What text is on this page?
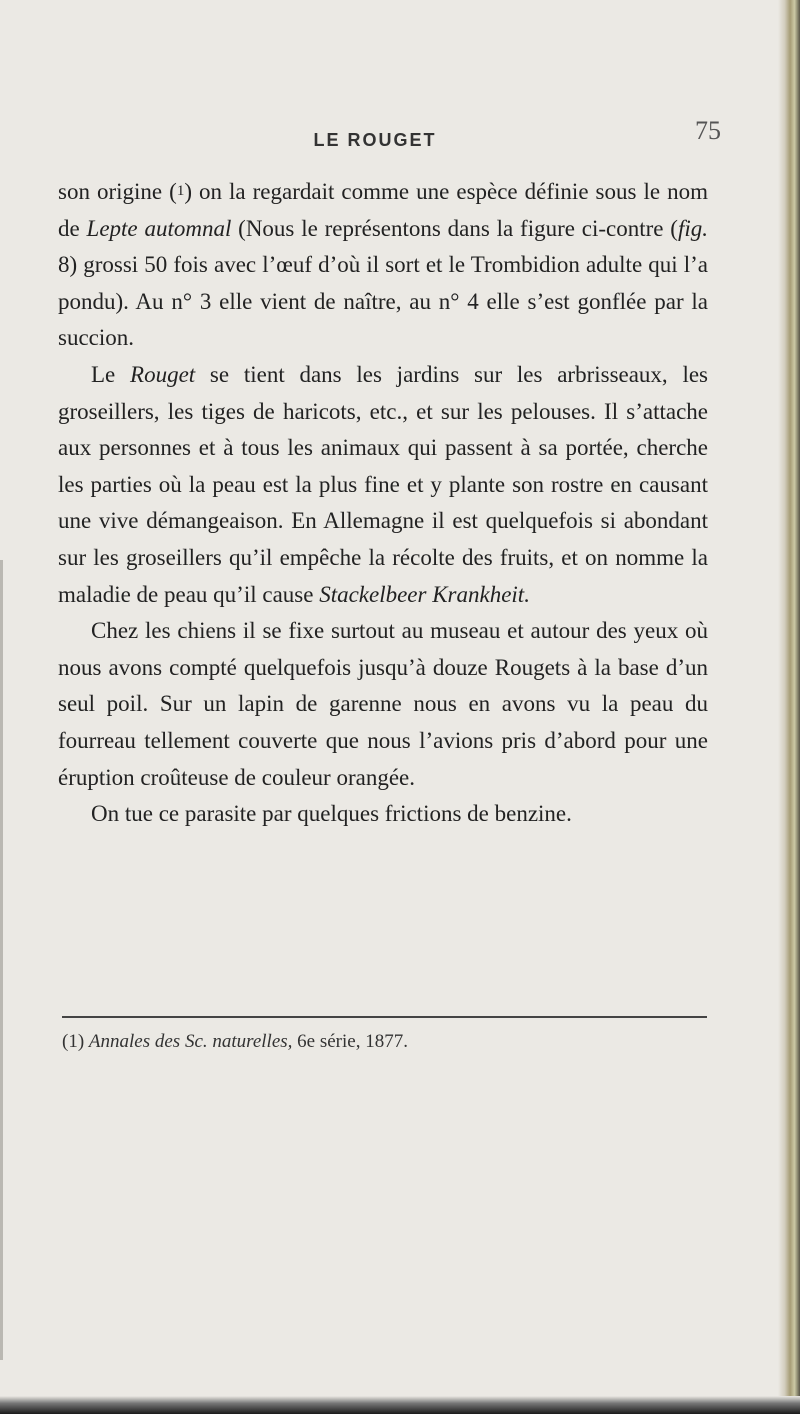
LE ROUGET	75

son origine (1) on la regardait comme une espèce définie sous le nom de Lepte automnal (Nous le représentons dans la figure ci-contre (fig. 8) grossi 50 fois avec l’œuf d’où il sort et le Trombidion adulte qui l’a pondu). Au n° 3 elle vient de naître, au n° 4 elle s’est gonflée par la succion.

Le Rouget se tient dans les jardins sur les arbrisseaux, les groseillers, les tiges de haricots, etc., et sur les pelouses. Il s’attache aux personnes et à tous les animaux qui passent à sa portée, cherche les parties où la peau est la plus fine et y plante son rostre en causant une vive démangeaison. En Allemagne il est quelquefois si abondant sur les groseillers qu’il empêche la récolte des fruits, et on nomme la maladie de peau qu’il cause Stackelbeer Krankheit.

Chez les chiens il se fixe surtout au museau et autour des yeux où nous avons compté quelquefois jusqu’à douze Rougets à la base d’un seul poil. Sur un lapin de garenne nous en avons vu la peau du fourreau tellement couverte que nous l’avions pris d’abord pour une éruption croûteuse de couleur orangée.

On tue ce parasite par quelques frictions de benzine.

(1) Annales des Sc. naturelles, 6e série, 1877.
